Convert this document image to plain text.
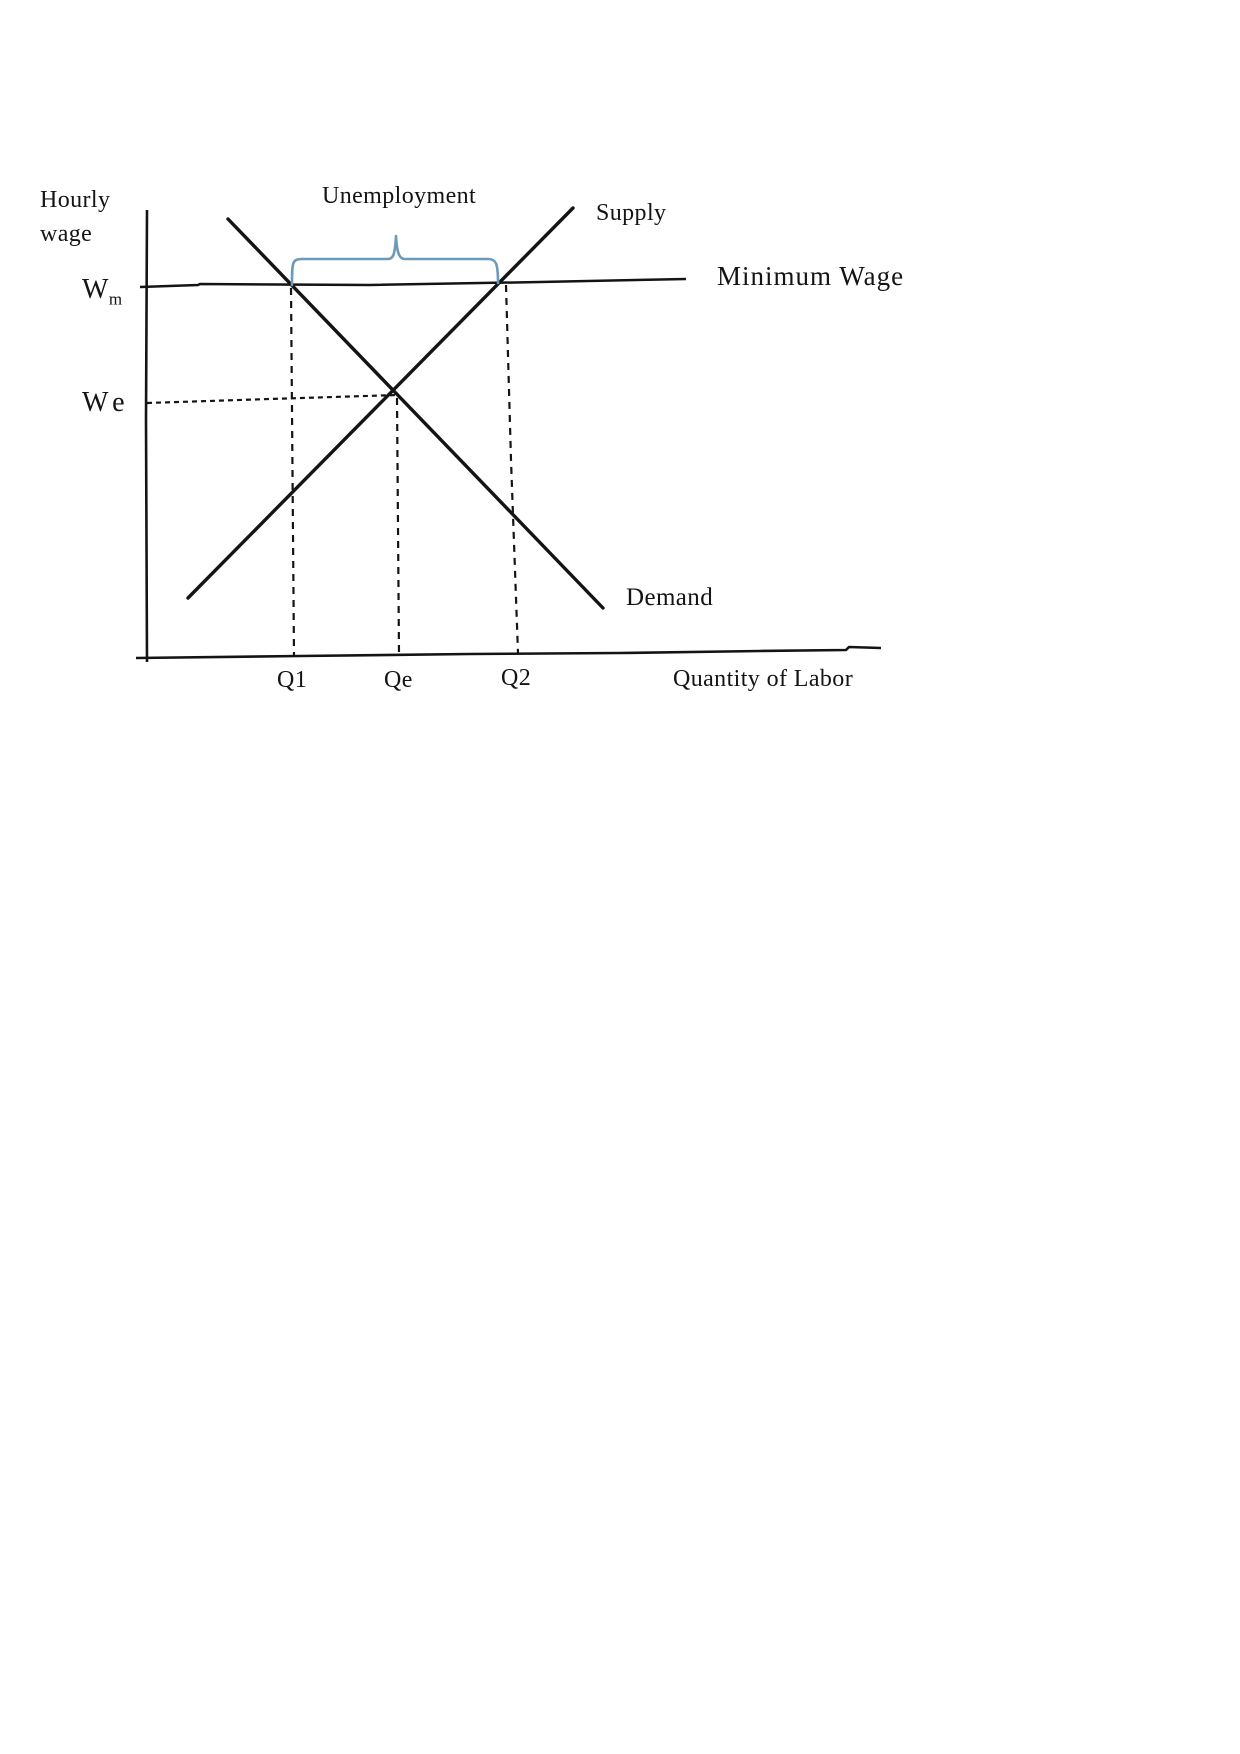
Hourly
wage
$W_m$
We
Unemployment
Supply
Minimum Wage
Demand
Q1	Qe	Q2	Quantity of Labor
